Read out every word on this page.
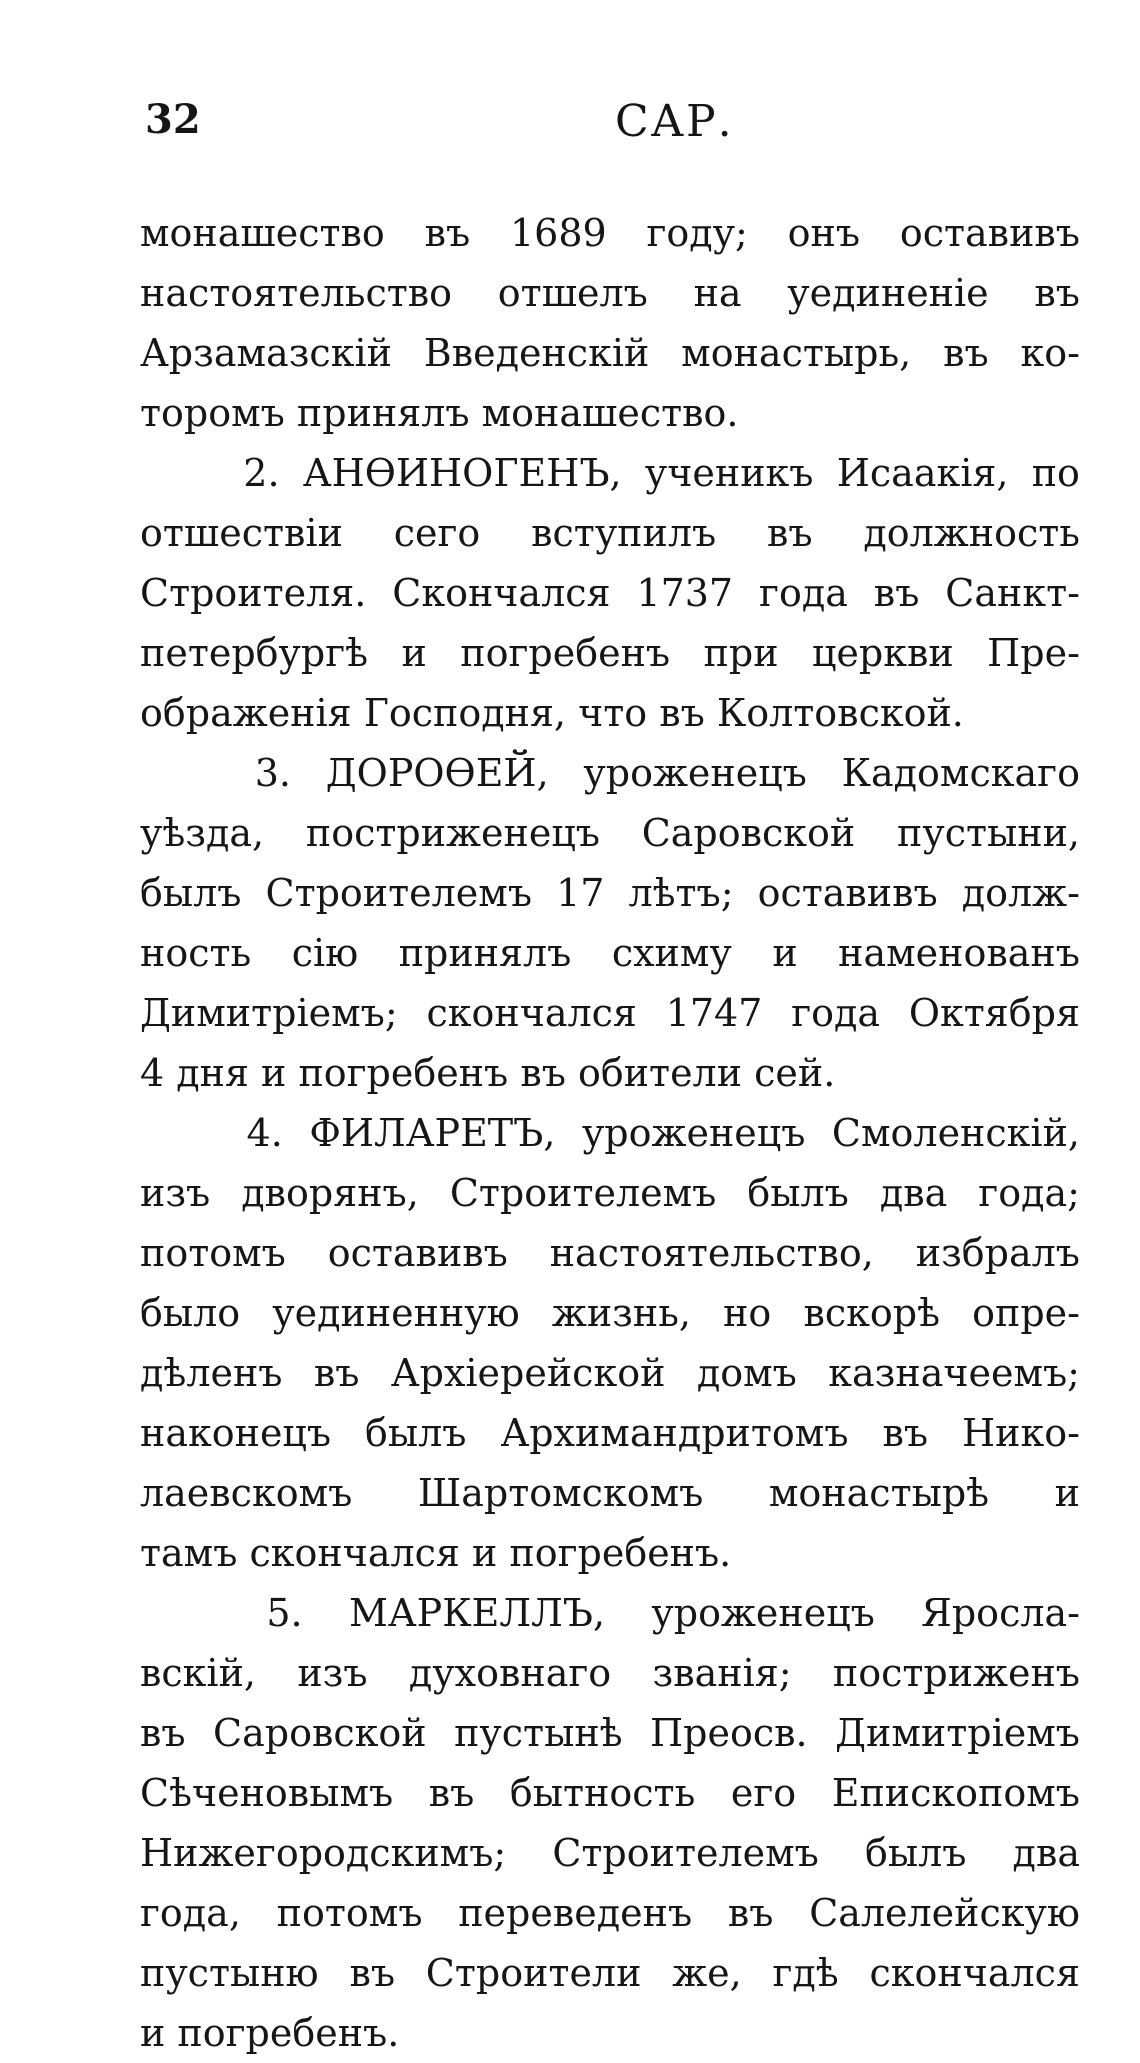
32	САР.
монашество въ 1689 году; онъ оставивъ
настоятельство отшелъ на уединенiе въ
Арзамазскiй Введенскiй монастырь, въ ко-
торомъ принялъ монашество.
2. АНѲИНОГЕНЪ, ученикъ Исаакiя, по
отшествiи сего вступилъ въ должность
Строителя. Скончался 1737 года въ Санкт-
петербургѣ и погребенъ при церкви Пре-
ображенiя Господня, что въ Колтовской.
3. ДОРОѲЕЙ, уроженецъ Кадомскаго
уѣзда, постриженецъ Саровской пустыни,
былъ Строителемъ 17 лѣтъ; оставивъ долж-
ность сiю принялъ схиму и наменованъ
Димитрiемъ; скончался 1747 года Октября
4 дня и погребенъ въ обители сей.
4. ФИЛАРЕТЪ, уроженецъ Смоленскiй,
изъ дворянъ, Строителемъ былъ два года;
потомъ оставивъ настоятельство, избралъ
было уединенную жизнь, но вскорѣ опре-
дѣленъ въ Архiерейской домъ казначеемъ;
наконецъ былъ Архимандритомъ въ Нико-
лаевскомъ Шартомскомъ монастырѣ и
тамъ скончался и погребенъ.
5. МАРКЕЛЛЪ, уроженецъ Яросла-
вскiй, изъ духовнаго званiя; постриженъ
въ Саровской пустынѣ Преосв. Димитрiемъ
Сѣченовымъ въ бытность его Епископомъ
Нижегородскимъ; Строителемъ былъ два
года, потомъ переведенъ въ Салелейскую
пустыню въ Строители же, гдѣ скончался
и погребенъ.
